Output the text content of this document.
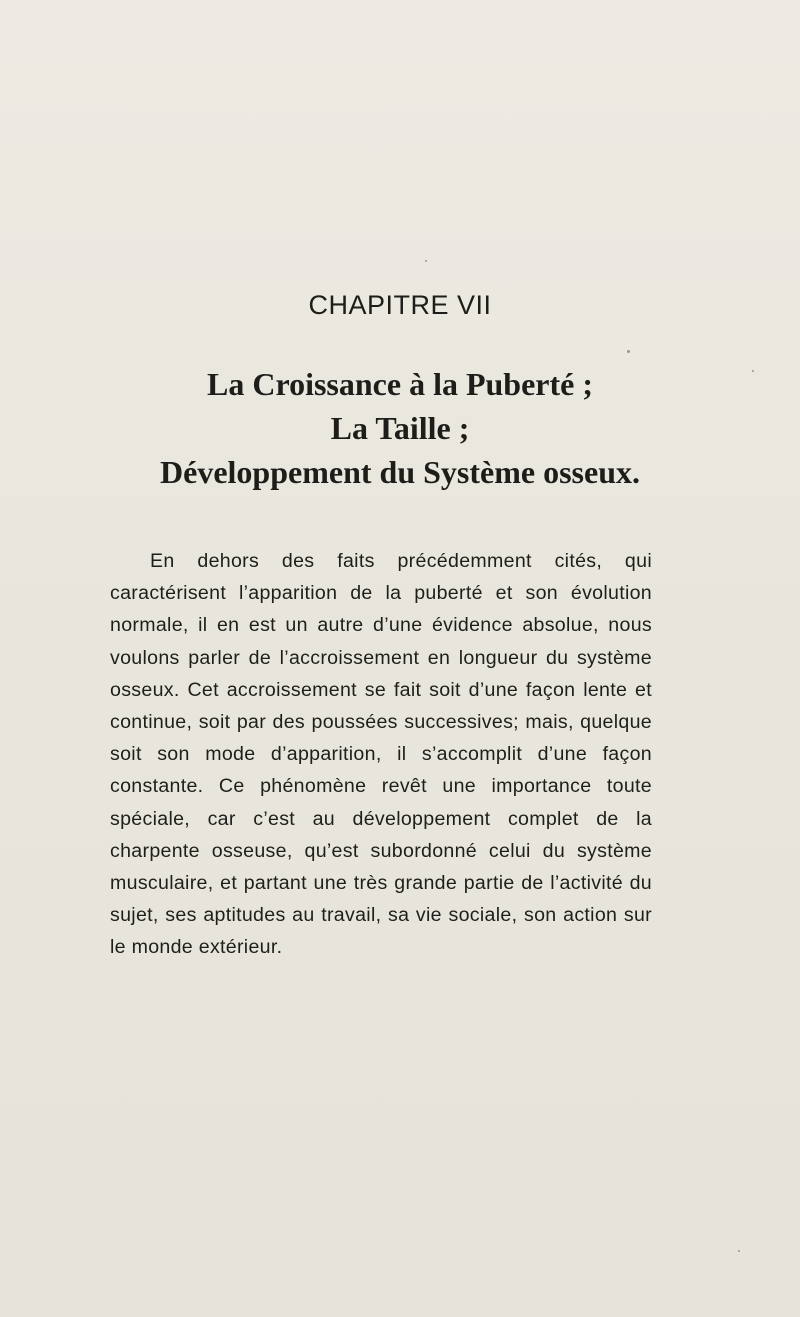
CHAPITRE VII
La Croissance à la Puberté ;
La Taille ;
Développement du Système osseux.

En dehors des faits précédemment cités, qui caractérisent l’apparition de la puberté et son évolution normale, il en est un autre d’une évidence absolue, nous voulons parler de l’accroissement en longueur du système osseux. Cet accroissement se fait soit d’une façon lente et continue, soit par des poussées successives; mais, quelque soit son mode d’apparition, il s’accomplit d’une façon constante. Ce phénomène revêt une importance toute spéciale, car c’est au développement complet de la charpente osseuse, qu’est subordonné celui du système musculaire, et partant une très grande partie de l’activité du sujet, ses aptitudes au travail, sa vie sociale, son action sur le monde extérieur.
